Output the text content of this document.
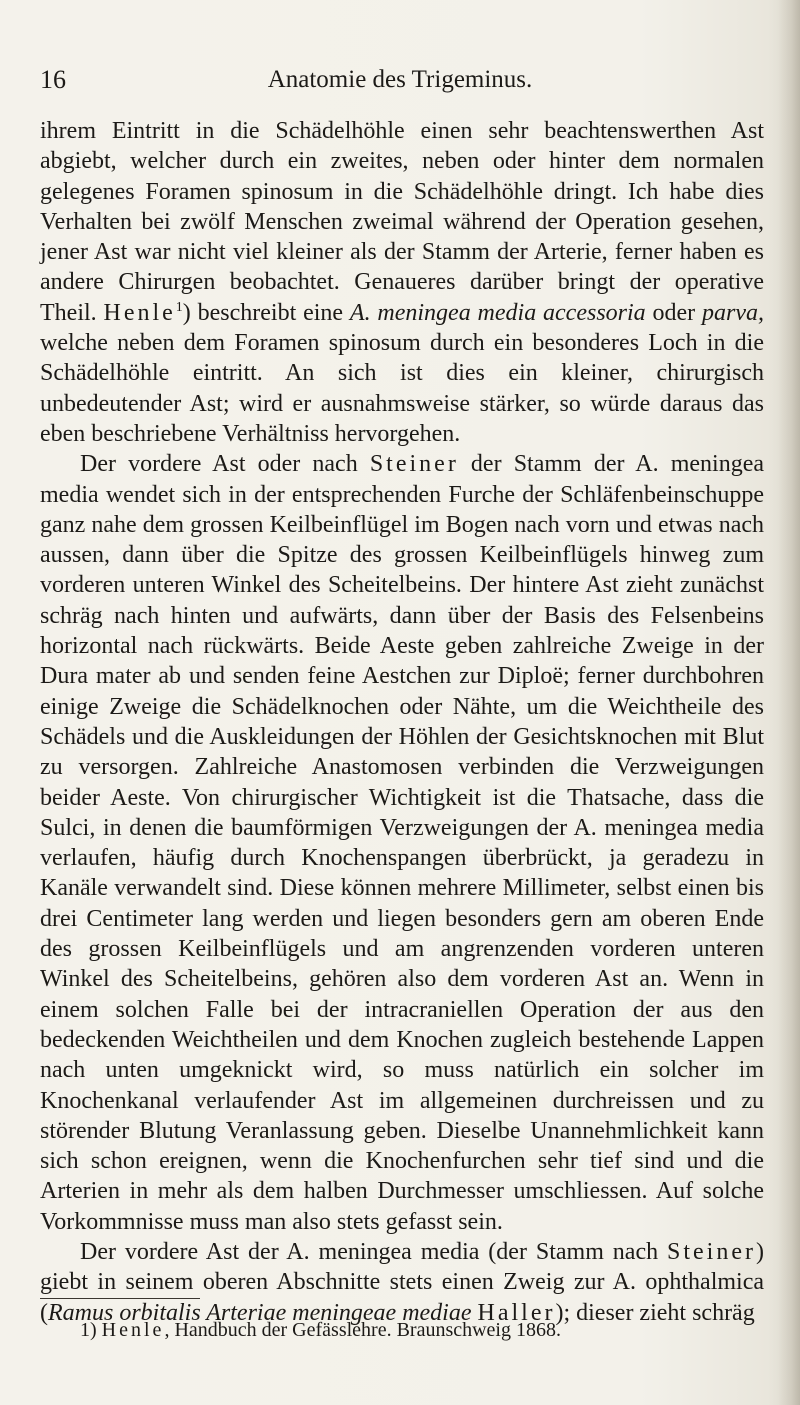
16	Anatomie des Trigeminus.

ihrem Eintritt in die Schädelhöhle einen sehr beachtenswerthen Ast abgiebt, welcher durch ein zweites, neben oder hinter dem normalen gelegenes Foramen spinosum in die Schädelhöhle dringt. Ich habe dies Verhalten bei zwölf Menschen zweimal während der Operation gesehen, jener Ast war nicht viel kleiner als der Stamm der Arterie, ferner haben es andere Chirurgen beobachtet. Genaueres darüber bringt der operative Theil. Henle$^1$) beschreibt eine A. meningea media accessoria oder parva, welche neben dem Foramen spinosum durch ein besonderes Loch in die Schädelhöhle eintritt. An sich ist dies ein kleiner, chirurgisch unbedeutender Ast; wird er ausnahmsweise stärker, so würde daraus das eben beschriebene Verhältniss hervorgehen.

Der vordere Ast oder nach Steiner der Stamm der A. meningea media wendet sich in der entsprechenden Furche der Schläfenbeinschuppe ganz nahe dem grossen Keilbeinflügel im Bogen nach vorn und etwas nach aussen, dann über die Spitze des grossen Keilbeinflügels hinweg zum vorderen unteren Winkel des Scheitelbeins. Der hintere Ast zieht zunächst schräg nach hinten und aufwärts, dann über der Basis des Felsenbeins horizontal nach rückwärts. Beide Aeste geben zahlreiche Zweige in der Dura mater ab und senden feine Aestchen zur Diploë; ferner durchbohren einige Zweige die Schädelknochen oder Nähte, um die Weichtheile des Schädels und die Auskleidungen der Höhlen der Gesichtsknochen mit Blut zu versorgen. Zahlreiche Anastomosen verbinden die Verzweigungen beider Aeste. Von chirurgischer Wichtigkeit ist die Thatsache, dass die Sulci, in denen die baumförmigen Verzweigungen der A. meningea media verlaufen, häufig durch Knochenspangen überbrückt, ja geradezu in Kanäle verwandelt sind. Diese können mehrere Millimeter, selbst einen bis drei Centimeter lang werden und liegen besonders gern am oberen Ende des grossen Keilbeinflügels und am angrenzenden vorderen unteren Winkel des Scheitelbeins, gehören also dem vorderen Ast an. Wenn in einem solchen Falle bei der intracraniellen Operation der aus den bedeckenden Weichtheilen und dem Knochen zugleich bestehende Lappen nach unten umgeknickt wird, so muss natürlich ein solcher im Knochenkanal verlaufender Ast im allgemeinen durchreissen und zu störender Blutung Veranlassung geben. Dieselbe Unannehmlichkeit kann sich schon ereignen, wenn die Knochenfurchen sehr tief sind und die Arterien in mehr als dem halben Durchmesser umschliessen. Auf solche Vorkommnisse muss man also stets gefasst sein.

Der vordere Ast der A. meningea media (der Stamm nach Steiner) giebt in seinem oberen Abschnitte stets einen Zweig zur A. ophthalmica (Ramus orbitalis Arteriae meningeae mediae Haller); dieser zieht schräg

1) Henle, Handbuch der Gefässlehre. Braunschweig 1868.
